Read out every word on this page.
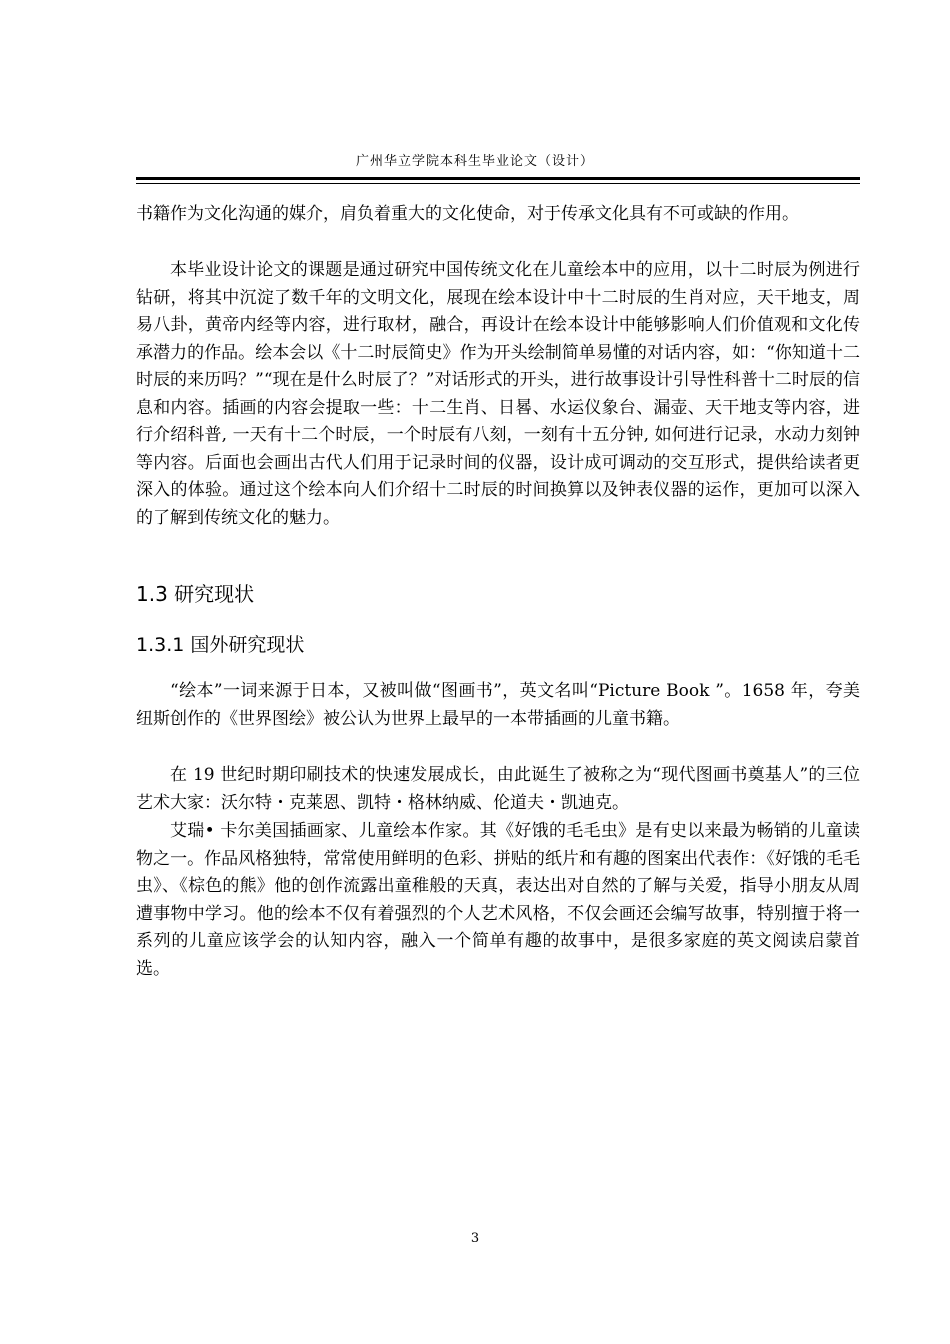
广州华立学院本科生毕业论文（设计）

书籍作为文化沟通的媒介，肩负着重大的文化使命，对于传承文化具有不可或缺的作用。

本毕业设计论文的课题是通过研究中国传统文化在儿童绘本中的应用，以十二时辰为例进行钻研，将其中沉淀了数千年的文明文化，展现在绘本设计中十二时辰的生肖对应，天干地支，周易八卦，黄帝内经等内容，进行取材，融合，再设计在绘本设计中能够影响人们价值观和文化传承潜力的作品。绘本会以《十二时辰简史》作为开头绘制简单易懂的对话内容，如：“你知道十二时辰的来历吗？”“现在是什么时辰了？”对话形式的开头，进行故事设计引导性科普十二时辰的信息和内容。插画的内容会提取一些：十二生肖、日晷、水运仪象台、漏壶、天干地支等内容，进行介绍科普, 一天有十二个时辰，一个时辰有八刻，一刻有十五分钟, 如何进行记录，水动力刻钟等内容。后面也会画出古代人们用于记录时间的仪器，设计成可调动的交互形式，提供给读者更深入的体验。通过这个绘本向人们介绍十二时辰的时间换算以及钟表仪器的运作，更加可以深入的了解到传统文化的魅力。

1.3 研究现状
1.3.1 国外研究现状

“绘本”一词来源于日本，又被叫做“图画书”，英文名叫“Picture Book ”。1658 年，夸美纽斯创作的《世界图绘》被公认为世界上最早的一本带插画的儿童书籍。

在 19 世纪时期印刷技术的快速发展成长，由此诞生了被称之为“现代图画书奠基人”的三位艺术大家：沃尔特・克莱恩、凯特・格林纳威、伦道夫・凯迪克。

艾瑞• 卡尔美国插画家、儿童绘本作家。其《好饿的毛毛虫》是有史以来最为畅销的儿童读物之一。作品风格独特，常常使用鲜明的色彩、拼贴的纸片和有趣的图案出代表作：《好饿的毛毛虫》、《棕色的熊》他的创作流露出童稚般的天真，表达出对自然的了解与关爱，指导小朋友从周遭事物中学习。他的绘本不仅有着强烈的个人艺术风格，不仅会画还会编写故事，特别擅于将一系列的儿童应该学会的认知内容，融入一个简单有趣的故事中，是很多家庭的英文阅读启蒙首选。

3
